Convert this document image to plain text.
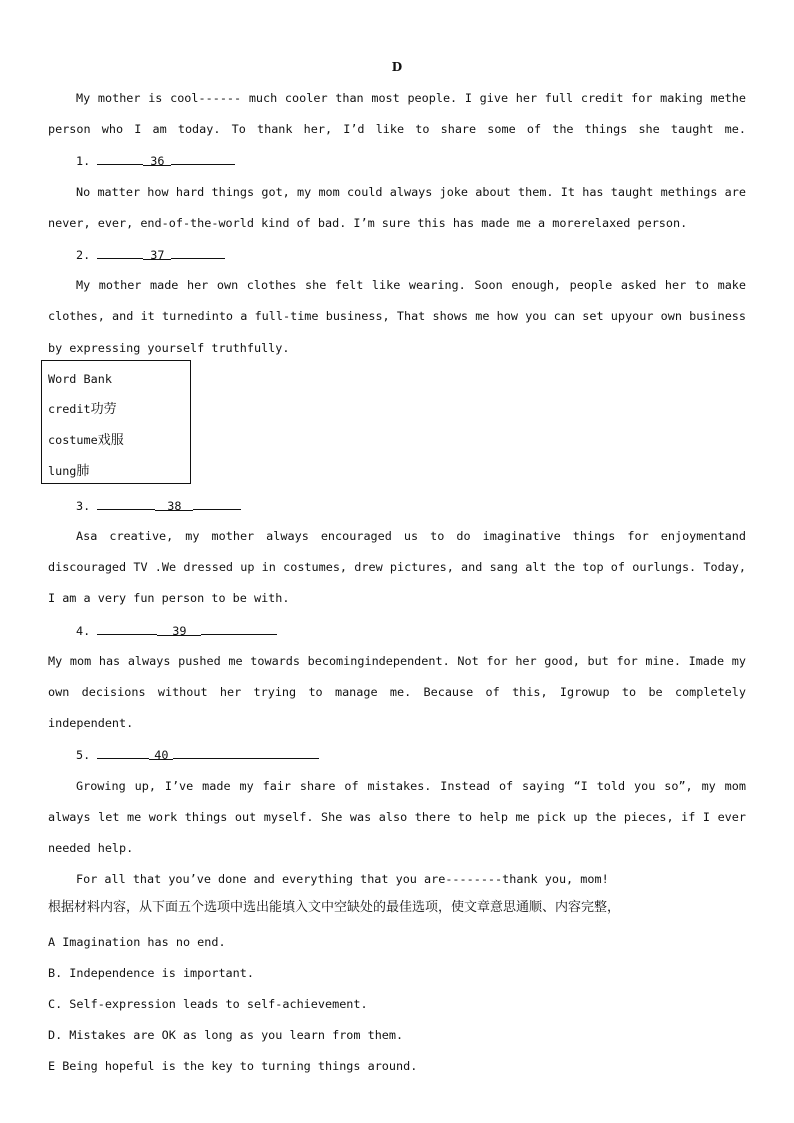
D
My mother is cool------ much cooler than most people. I give her full credit for making methe
person who I am today. To thank her, I’d like to share some of the things she taught me.
1.	36
No matter how hard things got, my mom could always joke about them. It has taught methings are
never, ever, end-of-the-world kind of bad. I’m sure this has made me a morerelaxed person.
2.	37
My mother made her own clothes she felt like wearing. Soon enough, people asked her to make
clothes, and it turnedinto a full-time business, That shows me how you can set upyour own business
by expressing yourself truthfully.
Word Bank
credit功劳
costume戏服
lung肺
3.	38
Asa creative, my mother always encouraged us to do imaginative things for enjoymentand
discouraged TV .We dressed up in costumes, drew pictures, and sang alt the top of ourlungs. Today,
I am a very fun person to be with.
4.	39
My mom has always pushed me towards becomingindependent. Not for her good, but for mine. Imade my
own decisions without her trying to manage me. Because of this, Igrowup to be completely
independent.
5.	40
Growing up, I’ve made my fair share of mistakes. Instead of saying “I told you so”, my mom
always let me work things out myself. She was also there to help me pick up the pieces, if I ever
needed help.
For all that you’ve done and everything that you are--------thank you, mom!
根据材料内容，从下面五个选项中选出能填入文中空缺处的最佳选项，使文章意思通顺、内容完整，
A Imagination has no end.
B. Independence is important.
C. Self-expression leads to self-achievement.
D. Mistakes are OK as long as you learn from them.
E Being hopeful is the key to turning things around.
